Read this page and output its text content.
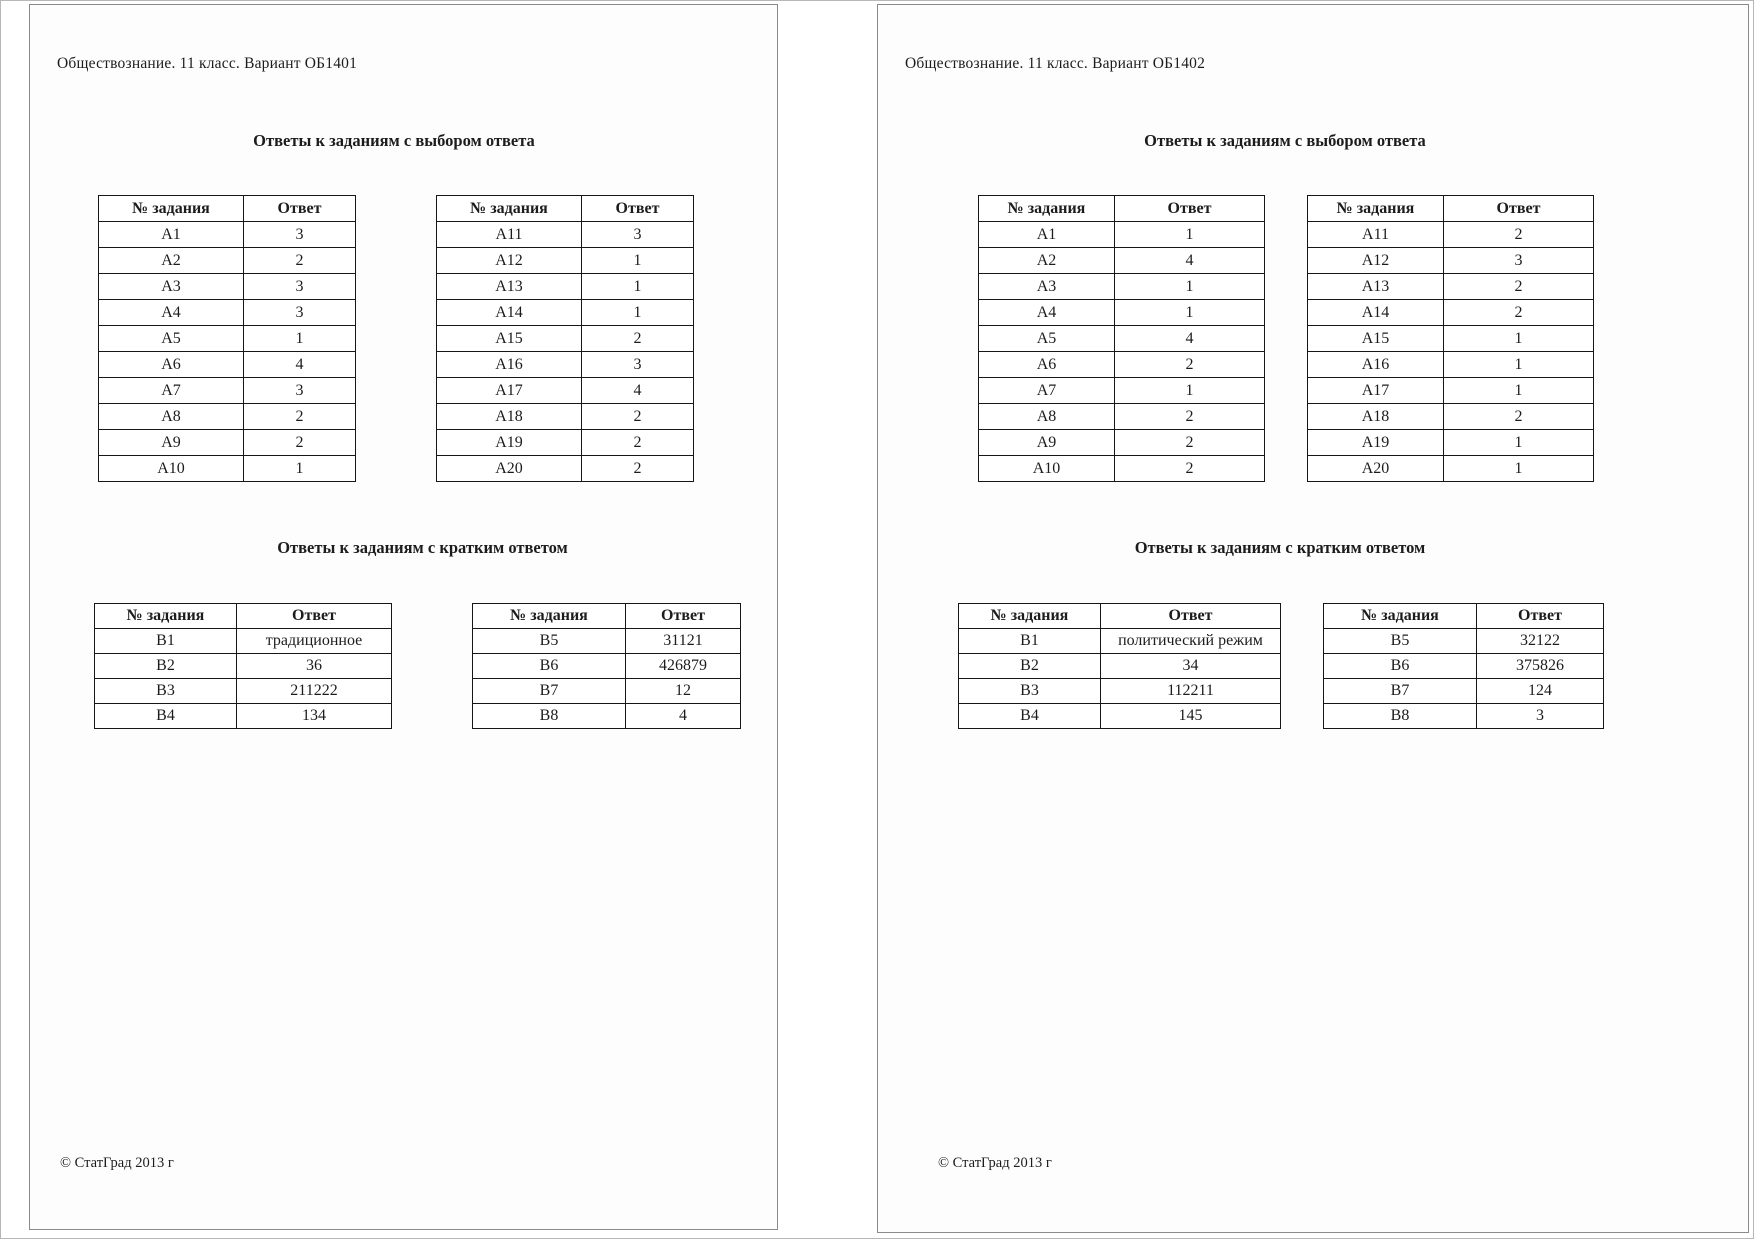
Обществознание. 11 класс. Вариант ОБ1401
Ответы к заданиям с выбором ответа
№ задания	Ответ
А1	3
А2	2
А3	3
А4	3
А5	1
А6	4
А7	3
А8	2
А9	2
А10	1
№ задания	Ответ
А11	3
А12	1
А13	1
А14	1
А15	2
А16	3
А17	4
А18	2
А19	2
А20	2
Ответы к заданиям с кратким ответом
№ задания	Ответ
В1	традиционное
В2	36
В3	211222
В4	134
№ задания	Ответ
В5	31121
В6	426879
В7	12
В8	4
© СтатГрад 2013 г
Обществознание. 11 класс. Вариант ОБ1402
Ответы к заданиям с выбором ответа
№ задания	Ответ
А1	1
А2	4
А3	1
А4	1
А5	4
А6	2
А7	1
А8	2
А9	2
А10	2
№ задания	Ответ
А11	2
А12	3
А13	2
А14	2
А15	1
А16	1
А17	1
А18	2
А19	1
А20	1
Ответы к заданиям с кратким ответом
№ задания	Ответ
В1	политический режим
В2	34
В3	112211
В4	145
№ задания	Ответ
В5	32122
В6	375826
В7	124
В8	3
© СтатГрад 2013 г
